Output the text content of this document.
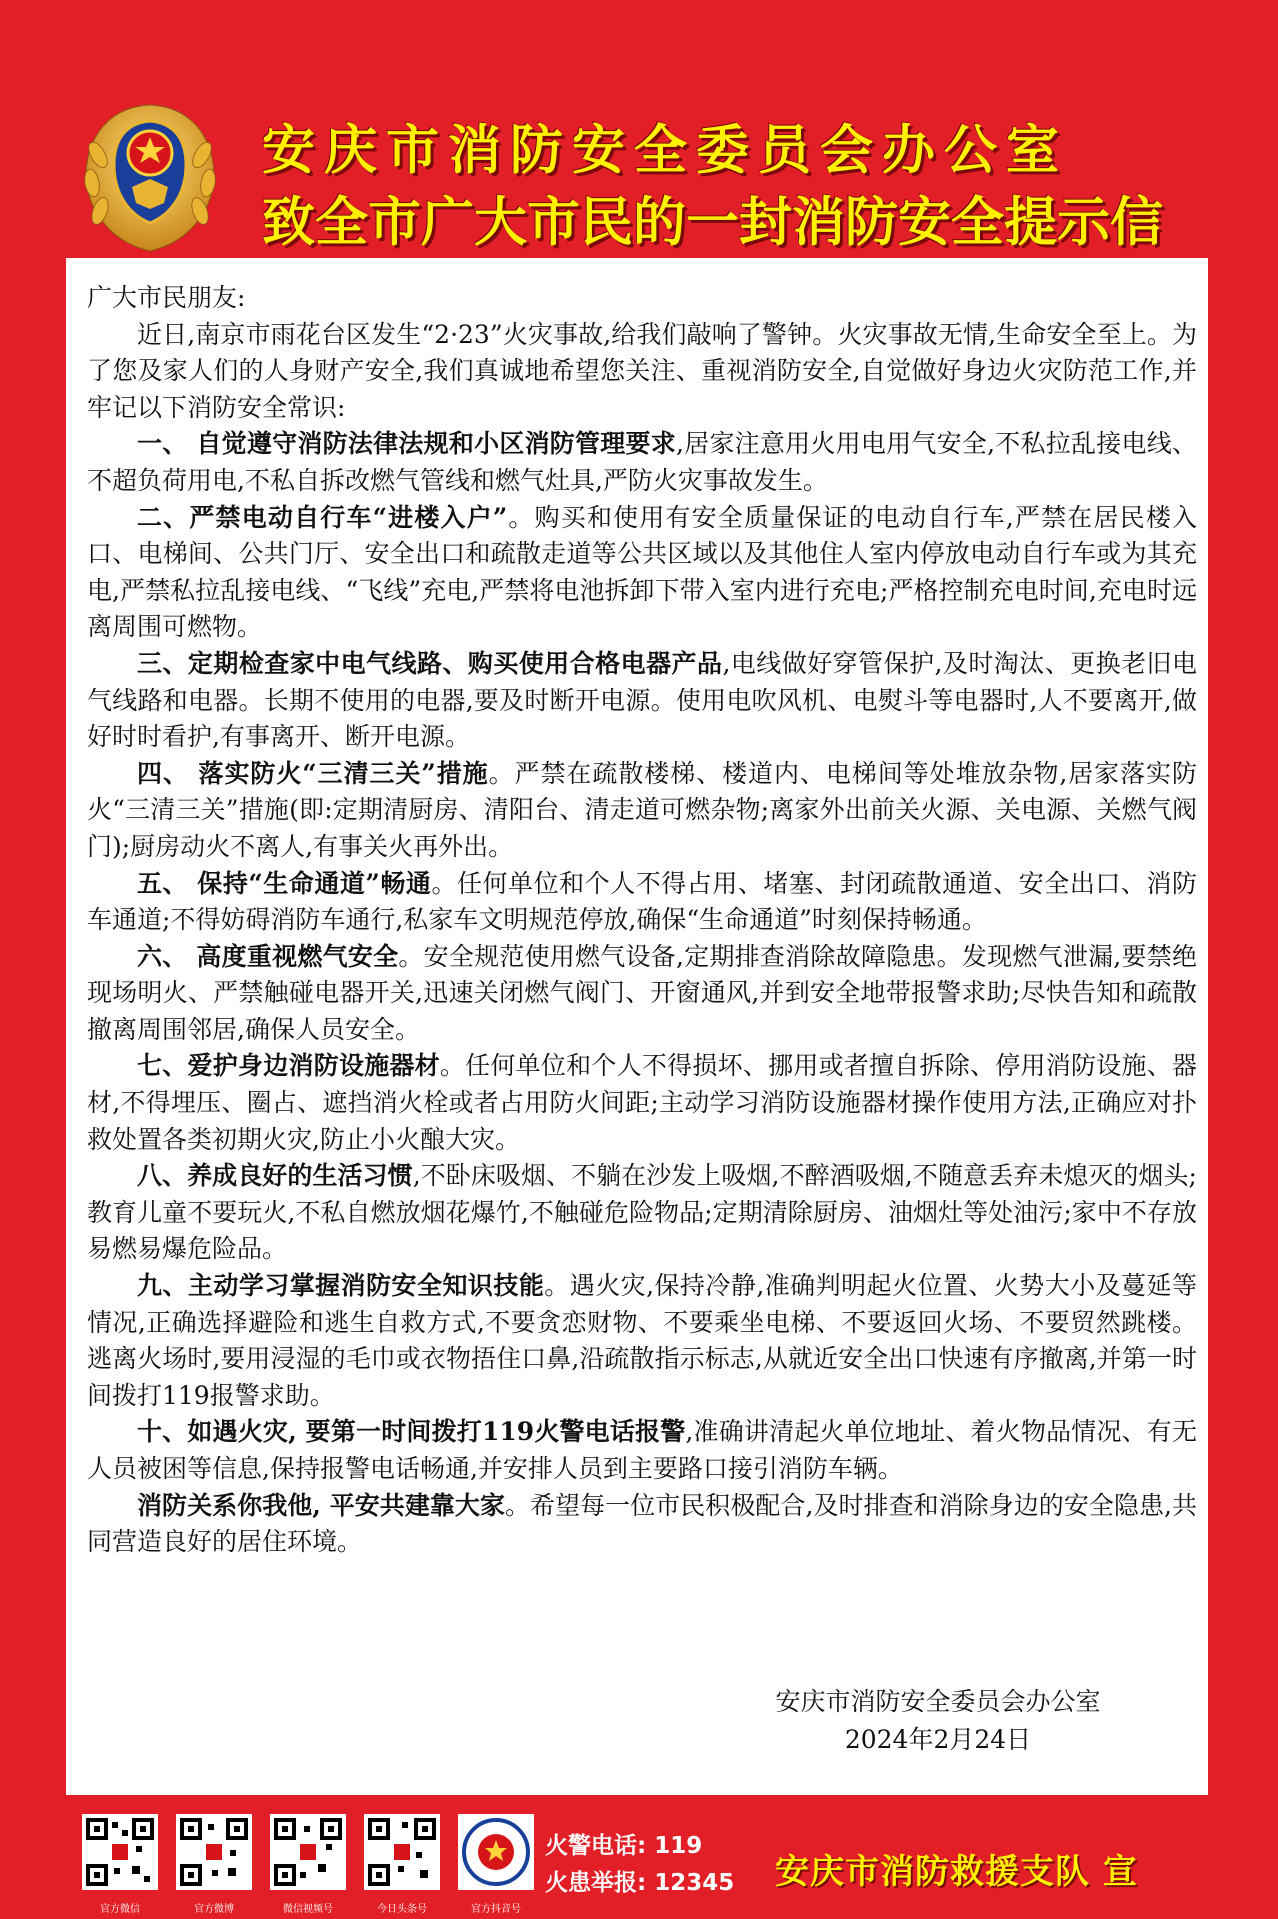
安庆市消防安全委员会办公室
致全市广大市民的一封消防安全提示信

广大市民朋友:

近日,南京市雨花台区发生“2·23”火灾事故,给我们敲响了警钟。火灾事故无情,生命安全至上。为了您及家人们的人身财产安全,我们真诚地希望您关注、重视消防安全,自觉做好身边火灾防范工作,并牢记以下消防安全常识:

一、 自觉遵守消防法律法规和小区消防管理要求,居家注意用火用电用气安全,不私拉乱接电线、不超负荷用电,不私自拆改燃气管线和燃气灶具,严防火灾事故发生。

二、严禁电动自行车“进楼入户”。购买和使用有安全质量保证的电动自行车,严禁在居民楼入口、电梯间、公共门厅、安全出口和疏散走道等公共区域以及其他住人室内停放电动自行车或为其充电,严禁私拉乱接电线、“飞线”充电,严禁将电池拆卸下带入室内进行充电;严格控制充电时间,充电时远离周围可燃物。

三、定期检查家中电气线路、购买使用合格电器产品,电线做好穿管保护,及时淘汰、更换老旧电气线路和电器。长期不使用的电器,要及时断开电源。使用电吹风机、电熨斗等电器时,人不要离开,做好时时看护,有事离开、断开电源。

四、 落实防火“三清三关”措施。严禁在疏散楼梯、楼道内、电梯间等处堆放杂物,居家落实防火“三清三关”措施(即:定期清厨房、清阳台、清走道可燃杂物;离家外出前关火源、关电源、关燃气阀门);厨房动火不离人,有事关火再外出。

五、 保持“生命通道”畅通。任何单位和个人不得占用、堵塞、封闭疏散通道、安全出口、消防车通道;不得妨碍消防车通行,私家车文明规范停放,确保“生命通道”时刻保持畅通。

六、 高度重视燃气安全。安全规范使用燃气设备,定期排查消除故障隐患。发现燃气泄漏,要禁绝现场明火、严禁触碰电器开关,迅速关闭燃气阀门、开窗通风,并到安全地带报警求助;尽快告知和疏散撤离周围邻居,确保人员安全。

七、爱护身边消防设施器材。任何单位和个人不得损坏、挪用或者擅自拆除、停用消防设施、器材,不得埋压、圈占、遮挡消火栓或者占用防火间距;主动学习消防设施器材操作使用方法,正确应对扑救处置各类初期火灾,防止小火酿大灾。

八、养成良好的生活习惯,不卧床吸烟、不躺在沙发上吸烟,不醉酒吸烟,不随意丢弃未熄灭的烟头;教育儿童不要玩火,不私自燃放烟花爆竹,不触碰危险物品;定期清除厨房、油烟灶等处油污;家中不存放易燃易爆危险品。

九、主动学习掌握消防安全知识技能。遇火灾,保持冷静,准确判明起火位置、火势大小及蔓延等情况,正确选择避险和逃生自救方式,不要贪恋财物、不要乘坐电梯、不要返回火场、不要贸然跳楼。逃离火场时,要用浸湿的毛巾或衣物捂住口鼻,沿疏散指示标志,从就近安全出口快速有序撤离,并第一时间拨打119报警求助。

十、如遇火灾, 要第一时间拨打119火警电话报警,准确讲清起火单位地址、着火物品情况、有无人员被困等信息,保持报警电话畅通,并安排人员到主要路口接引消防车辆。

消防关系你我他, 平安共建靠大家。希望每一位市民积极配合,及时排查和消除身边的安全隐患,共同营造良好的居住环境。

安庆市消防安全委员会办公室
2024年2月24日
官方微信	官方微博	微信视频号	今日头条号	官方抖音号
火警电话: 119
火患举报: 12345 安庆市消防救援支队 宣
